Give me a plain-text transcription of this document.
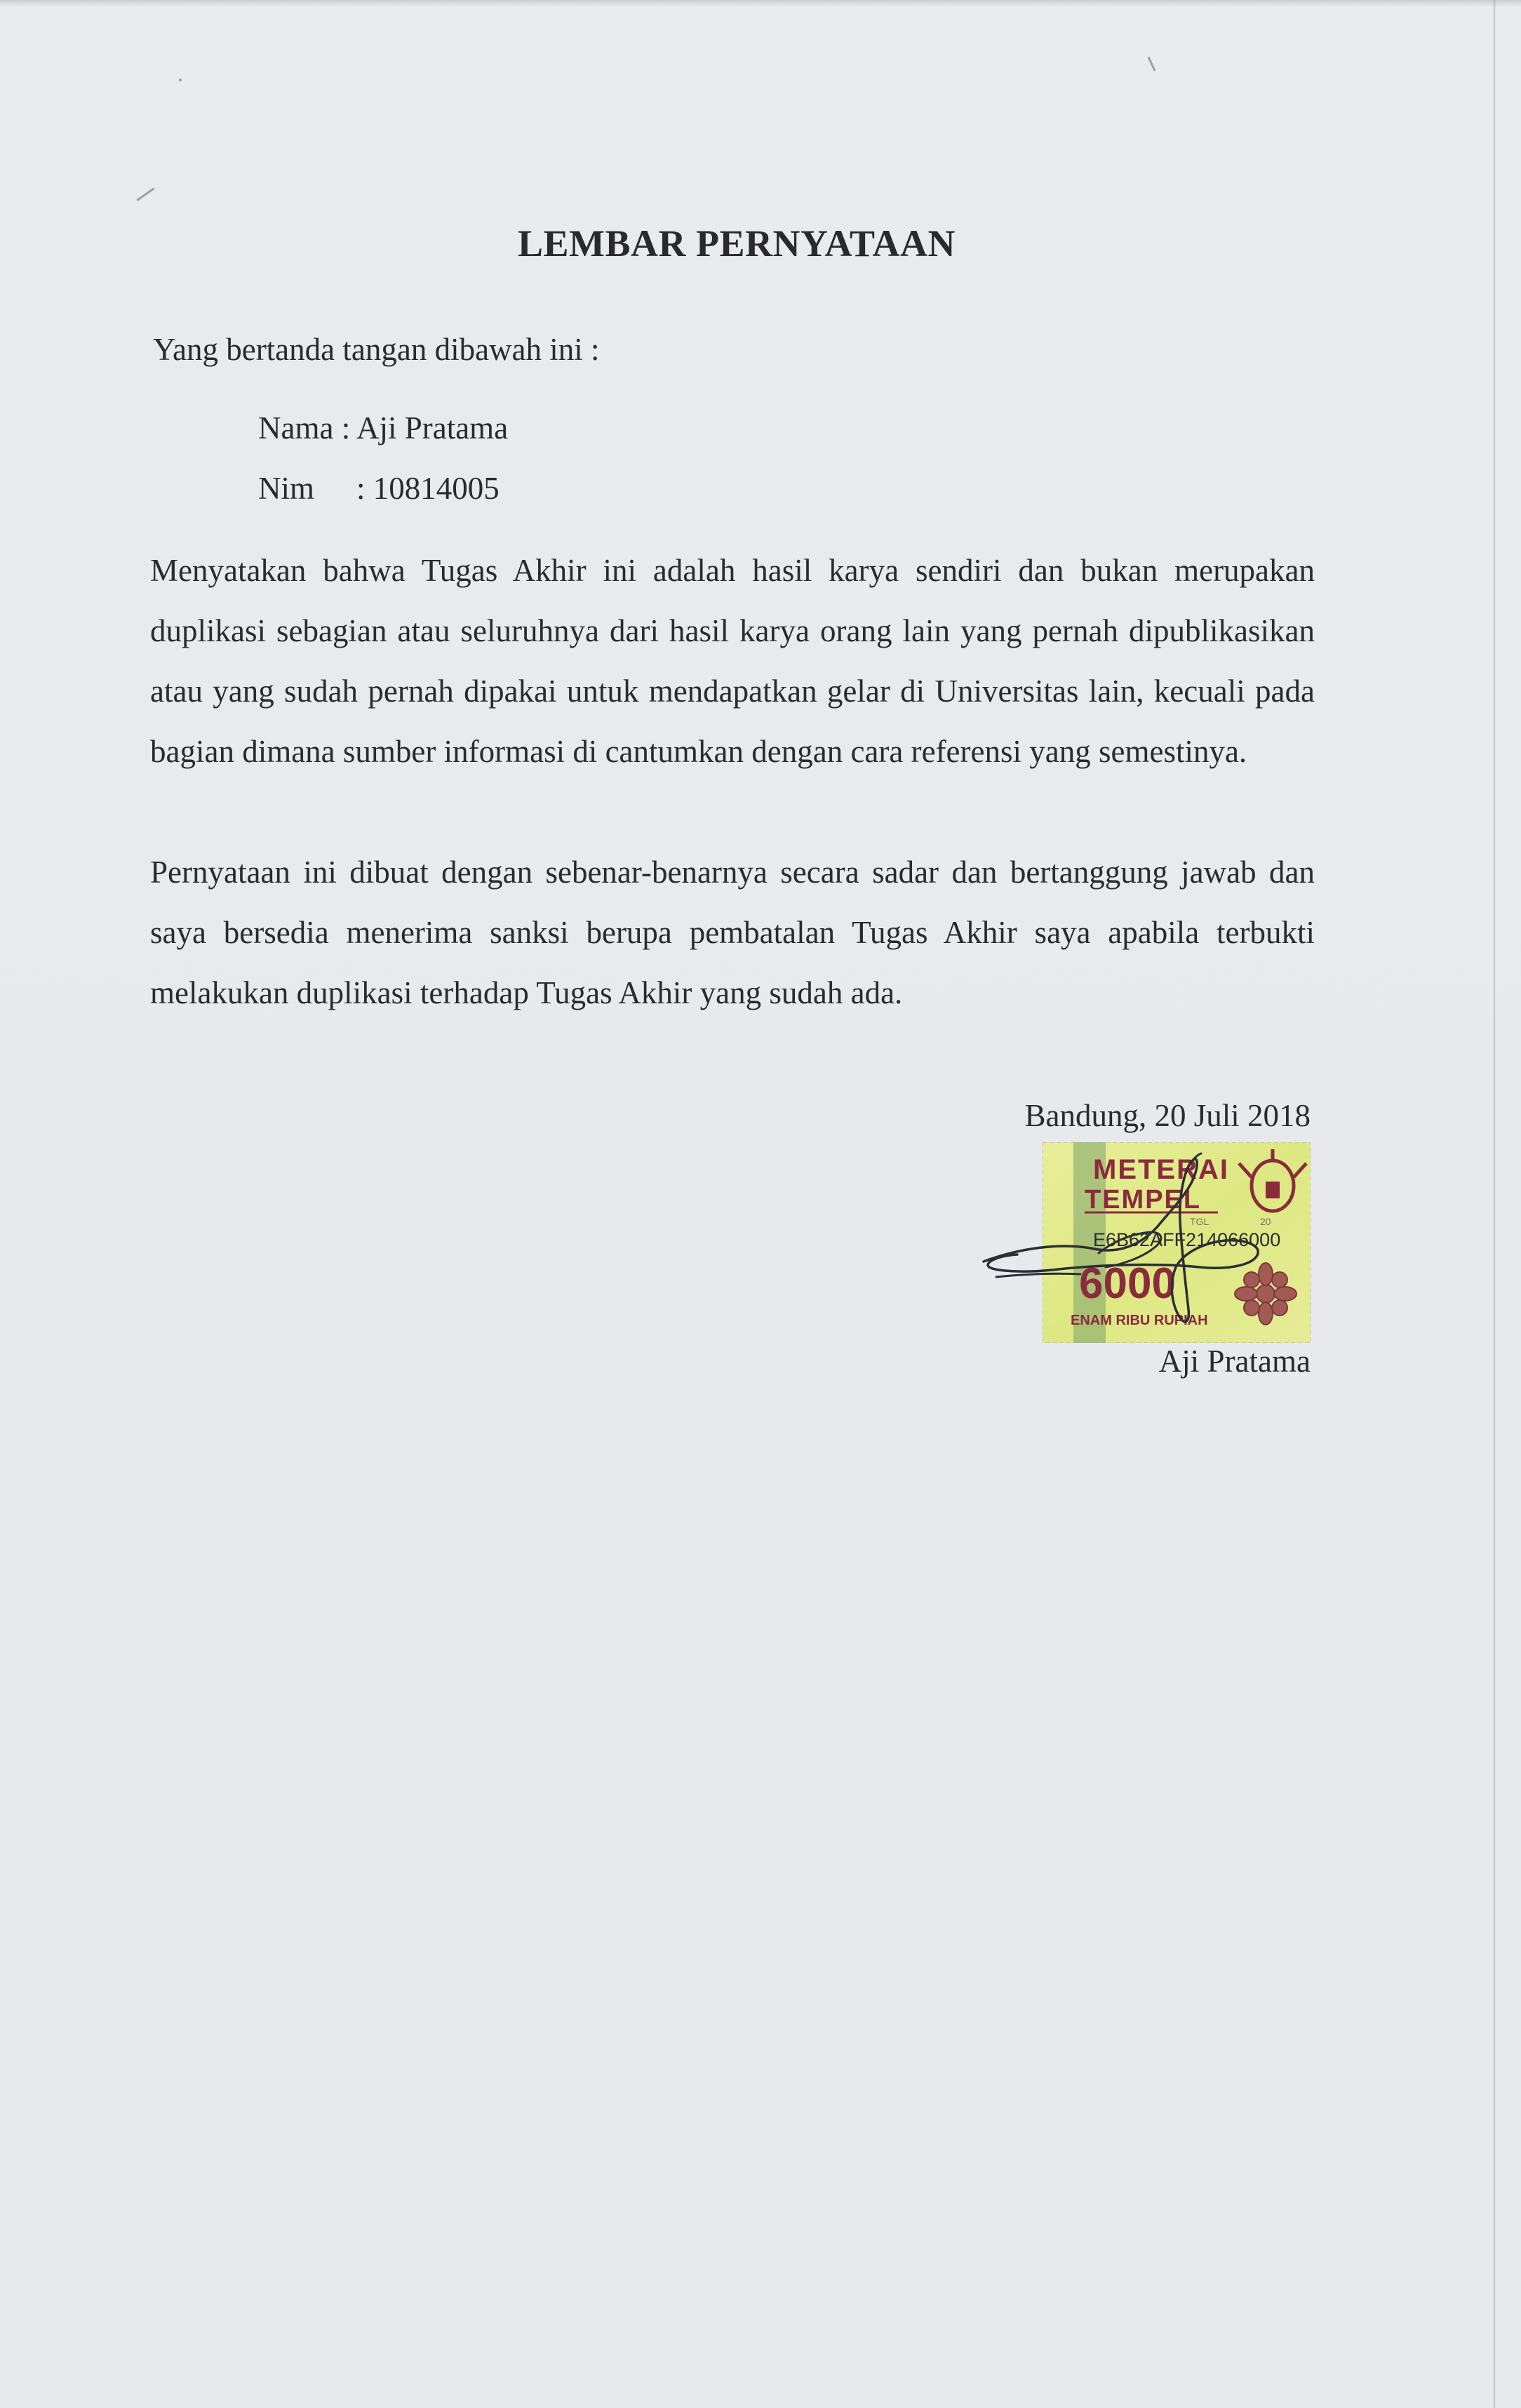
LEMBAR PERNYATAAN
Yang bertanda tangan dibawah ini :
Nama : Aji Pratama
Nim : 10814005
Menyatakan bahwa Tugas Akhir ini adalah hasil karya sendiri dan bukan merupakan duplikasi sebagian atau seluruhnya dari hasil karya orang lain yang pernah dipublikasikan atau yang sudah pernah dipakai untuk mendapatkan gelar di Universitas lain, kecuali pada bagian dimana sumber informasi di cantumkan dengan cara referensi yang semestinya.
Pernyataan ini dibuat dengan sebenar-benarnya secara sadar dan bertanggung jawab dan saya bersedia menerima sanksi berupa pembatalan Tugas Akhir saya apabila terbukti melakukan duplikasi terhadap Tugas Akhir yang sudah ada.
Bandung, 20 Juli 2018
METERAI
TEMPEL
TGL	20
E6B62AFF214066000
6000
ENAM RIBU RUPIAH
Aji Pratama
